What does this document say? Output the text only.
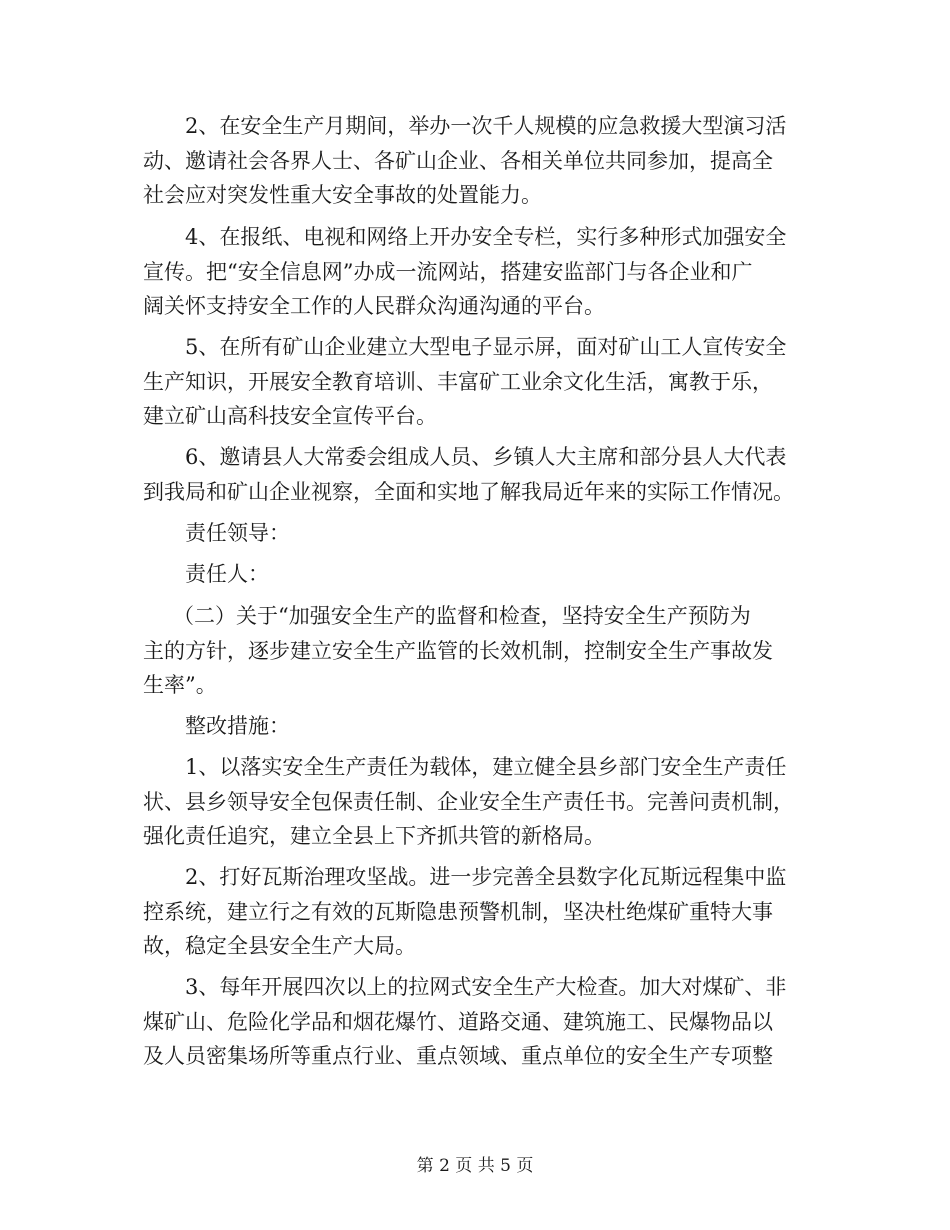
2、在安全生产月期间，举办一次千人规模的应急救援大型演习活
动、邀请社会各界人士、各矿山企业、各相关单位共同参加，提高全
社会应对突发性重大安全事故的处置能力。
4、在报纸、电视和网络上开办安全专栏，实行多种形式加强安全
宣传。把“安全信息网”办成一流网站，搭建安监部门与各企业和广
阔关怀支持安全工作的人民群众沟通沟通的平台。
5、在所有矿山企业建立大型电子显示屏，面对矿山工人宣传安全
生产知识，开展安全教育培训、丰富矿工业余文化生活，寓教于乐，
建立矿山高科技安全宣传平台。
6、邀请县人大常委会组成人员、乡镇人大主席和部分县人大代表
到我局和矿山企业视察，全面和实地了解我局近年来的实际工作情况。
责任领导：
责任人：
（二）关于“加强安全生产的监督和检查，坚持安全生产预防为
主的方针，逐步建立安全生产监管的长效机制，控制安全生产事故发
生率”。
整改措施：
1、以落实安全生产责任为载体，建立健全县乡部门安全生产责任
状、县乡领导安全包保责任制、企业安全生产责任书。完善问责机制，
强化责任追究，建立全县上下齐抓共管的新格局。
2、打好瓦斯治理攻坚战。进一步完善全县数字化瓦斯远程集中监
控系统，建立行之有效的瓦斯隐患预警机制，坚决杜绝煤矿重特大事
故，稳定全县安全生产大局。
3、每年开展四次以上的拉网式安全生产大检查。加大对煤矿、非
煤矿山、危险化学品和烟花爆竹、道路交通、建筑施工、民爆物品以
及人员密集场所等重点行业、重点领域、重点单位的安全生产专项整
第 2 页 共 5 页
